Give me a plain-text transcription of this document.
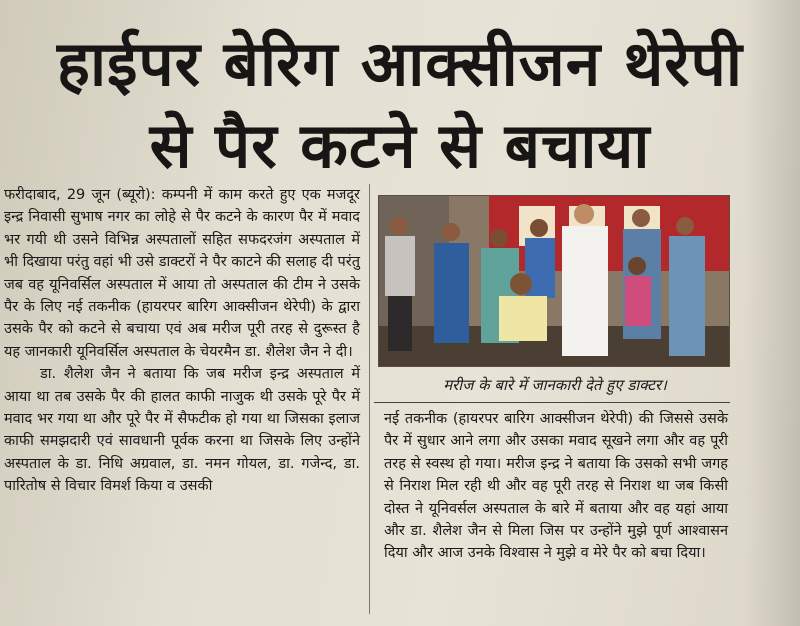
हाईपर बेरिग आक्सीजन थेरेपी
से पैर कटने से बचाया

फरीदाबाद, 29 जून (ब्यूरो): कम्पनी में काम करते हुए एक मजदूर इन्द्र निवासी सुभाष नगर का लोहे से पैर कटने के कारण पैर में मवाद भर गयी थी उसने विभिन्न अस्पतालों सहित सफदरजंग अस्पताल में भी दिखाया परंतु वहां भी उसे डाक्टरों ने पैर काटने की सलाह दी परंतु जब वह यूनिवर्सिल अस्पताल में आया तो अस्पताल की टीम ने उसके पैर के लिए नई तकनीक (हायरपर बारिग आक्सीजन थेरेपी) के द्वारा उसके पैर को कटने से बचाया एवं अब मरीज पूरी तरह से दुरूस्त है यह जानकारी यूनिवर्सिल अस्पताल के चेयरमैन डा. शैलेश जैन ने दी।

डा. शैलेश जैन ने बताया कि जब मरीज इन्द्र अस्पताल में आया था तब उसके पैर की हालत काफी नाजुक थी उसके पूरे पैर में मवाद भर गया था और पूरे पैर में सैफटीक हो गया था जिसका इलाज काफी समझदारी एवं सावधानी पूर्वक करना था जिसके लिए उन्होंने अस्पताल के डा. निधि अग्रवाल, डा. नमन गोयल, डा. गजेन्द, डा. पारितोष से विचार विमर्श किया व उसकी

मरीज के बारे में जानकारी देते हुए डाक्टर।

नई तकनीक (हायरपर बारिग आक्सीजन थेरेपी) की जिससे उसके पैर में सुधार आने लगा और उसका मवाद सूखने लगा और वह पूरी तरह से स्वस्थ हो गया। मरीज इन्द्र ने बताया कि उसको सभी जगह से निराश मिल रही थी और वह पूरी तरह से निराश था जब किसी दोस्त ने यूनिवर्सल अस्पताल के बारे में बताया और वह यहां आया और डा. शैलेश जैन से मिला जिस पर उन्होंने मुझे पूर्ण आश्वासन दिया और आज उनके विश्वास ने मुझे व मेरे पैर को बचा दिया।
